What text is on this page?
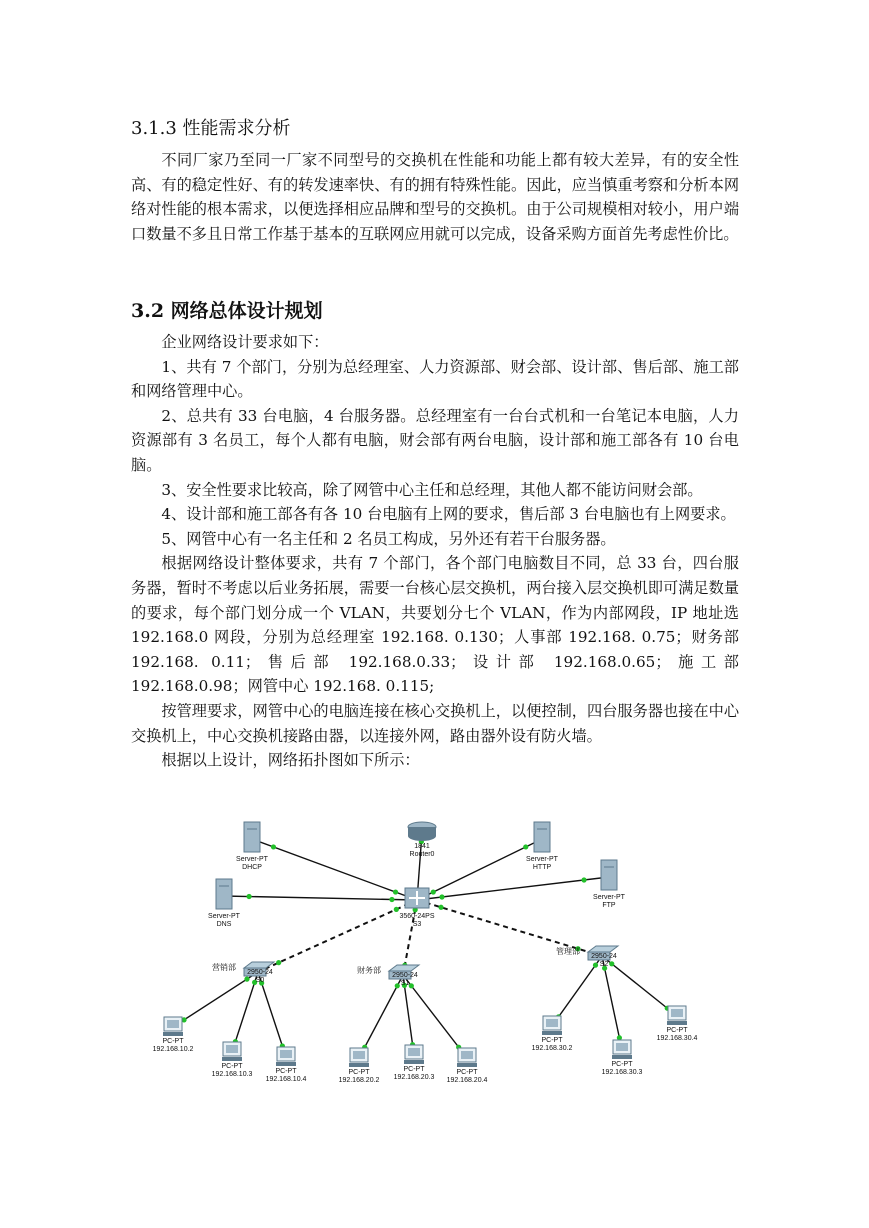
3.1.3 性能需求分析

不同厂家乃至同一厂家不同型号的交换机在性能和功能上都有较大差异，有的安全性高、有的稳定性好、有的转发速率快、有的拥有特殊性能。因此，应当慎重考察和分析本网络对性能的根本需求，以便选择相应品牌和型号的交换机。由于公司规模相对较小，用户端口数量不多且日常工作基于基本的互联网应用就可以完成，设备采购方面首先考虑性价比。

3.2 网络总体设计规划

企业网络设计要求如下：

1、共有 7 个部门，分别为总经理室、人力资源部、财会部、设计部、售后部、施工部和网络管理中心。

2、总共有 33 台电脑，4 台服务器。总经理室有一台台式机和一台笔记本电脑，人力资源部有 3 名员工，每个人都有电脑，财会部有两台电脑，设计部和施工部各有 10 台电脑。

3、安全性要求比较高，除了网管中心主任和总经理，其他人都不能访问财会部。

4、设计部和施工部各有各 10 台电脑有上网的要求，售后部 3 台电脑也有上网要求。

5、网管中心有一名主任和 2 名员工构成，另外还有若干台服务器。

根据网络设计整体要求，共有 7 个部门，各个部门电脑数目不同，总 33 台，四台服务器，暂时不考虑以后业务拓展，需要一台核心层交换机，两台接入层交换机即可满足数量的要求，每个部门划分成一个 VLAN，共要划分七个 VLAN，作为内部网段，IP 地址选 192.168.0 网段，分别为总经理室 192.168. 0.130；人事部 192.168. 0.75；财务部 192.168. 0.11；售后部 192.168.0.33；设计部 192.168.0.65；施工部 192.168.0.98；网管中心 192.168. 0.115;

按管理要求，网管中心的电脑连接在核心交换机上，以便控制，四台服务器也接在中心交换机上，中心交换机接路由器，以连接外网，路由器外设有防火墙。

根据以上设计，网络拓扑图如下所示：

1841
Router0
3560-24PS
S3
Server-PT
DHCP
Server-PT
DNS
Server-PT
HTTP
Server-PT
FTP
营销部
2950-24
S0
财务部
2950-24
S1
管理部
2950-24
S2
PC-PT
192.168.10.2
PC-PT
192.168.10.3	PC-PT
192.168.10.4
PC-PT
192.168.20.2
PC-PT
192.168.20.3
PC-PT
192.168.20.4
PC-PT
192.168.30.2
PC-PT
192.168.30.3
PC-PT
192.168.30.4
